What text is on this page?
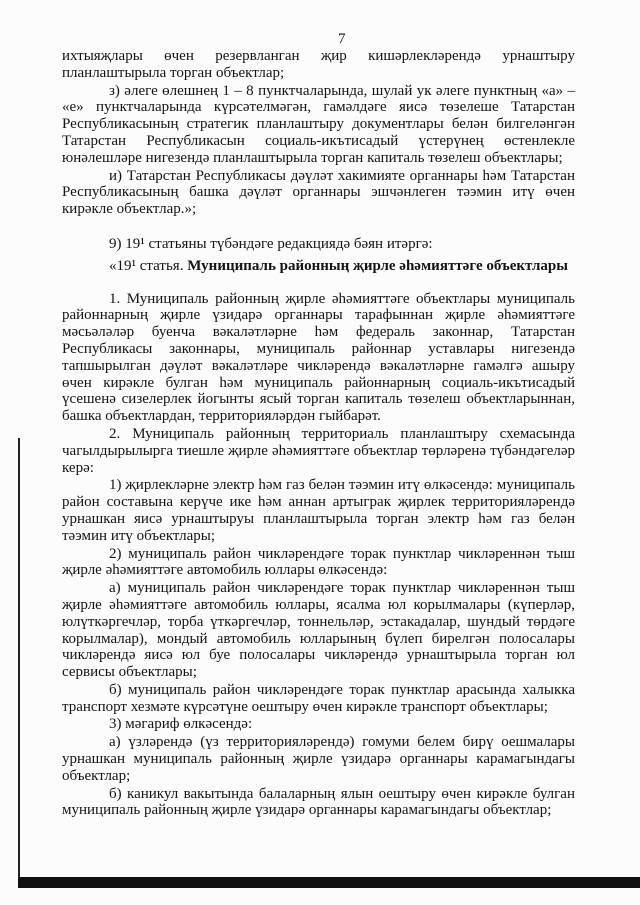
7

ихтыяҗлары өчен резервланган җир кишәрлекләрендә урнаштыру планлаштырыла торган объектлар;

з) әлеге өлешнең 1 – 8 пунктчаларында, шулай ук әлеге пунктның «а» – «е» пунктчаларында күрсәтелмәгән, гамәлдәге яисә төзелеше Татарстан Республикасының стратегик планлаштыру документлары белән билгеләнгән Татарстан Республикасын социаль-икътисадый үстерүнең өстенлекле юнәлешләре нигезендә планлаштырыла торган капиталь төзелеш объектлары;

и) Татарстан Республикасы дәүләт хакимияте органнары һәм Татарстан Республикасының башка дәүләт органнары эшчәнлеген тәэмин итү өчен кирәкле объектлар.»;

9) 19¹ статьяны түбәндәге редакциядә бәян итәргә:

«19¹ статья. Муниципаль районның җирле әһәмияттәге объектлары

1. Муниципаль районның җирле әһәмияттәге объектлары муниципаль районнарның җирле үзидарә органнары тарафыннан җирле әһәмияттәге мәсьәләләр буенча вәкаләтләрне һәм федераль законнар, Татарстан Республикасы законнары, муниципаль районнар уставлары нигезендә тапшырылган дәүләт вәкаләтләре чикләрендә вәкаләтләрне гамәлгә ашыру өчен кирәкле булган һәм муниципаль районнарның социаль-икътисадый үсешенә сизелерлек йогынты ясый торган капиталь төзелеш объектларыннан, башка объектлардан, территорияләрдән гыйбарәт.

2. Муниципаль районның территориаль планлаштыру схемасында чагылдырылырга тиешле җирле әһәмияттәге объектлар төрләренә түбәндәгеләр керә:

1) җирлекләрне электр һәм газ белән тәэмин итү өлкәсендә: муниципаль район составына керүче ике һәм аннан артыграк җирлек территорияләрендә урнашкан яисә урнаштыруы планлаштырыла торган электр һәм газ белән тәэмин итү объектлары;

2) муниципаль район чикләрендәге торак пунктлар чикләреннән тыш җирле әһәмияттәге автомобиль юллары өлкәсендә:

а) муниципаль район чикләрендәге торак пунктлар чикләреннән тыш җирле әһәмияттәге автомобиль юллары, ясалма юл корылмалары (күперләр, юлүткәргечләр, торба үткәргечләр, тоннельләр, эстакадалар, шундый төрдәге корылмалар), мондый автомобиль юлларының бүлеп бирелгән полосалары чикләрендә яисә юл буе полосалары чикләрендә урнаштырыла торган юл сервисы объектлары;

б) муниципаль район чикләрендәге торак пунктлар арасында халыкка транспорт хезмәте күрсәтүне оештыру өчен кирәкле транспорт объектлары;

3) мәгариф өлкәсендә:

а) үзләрендә (үз территорияләрендә) гомуми белем бирү оешмалары урнашкан муниципаль районның җирле үзидарә органнары карамагындагы объектлар;

б) каникул вакытында балаларның ялын оештыру өчен кирәкле булган муниципаль районның җирле үзидарә органнары карамагындагы объектлар;
